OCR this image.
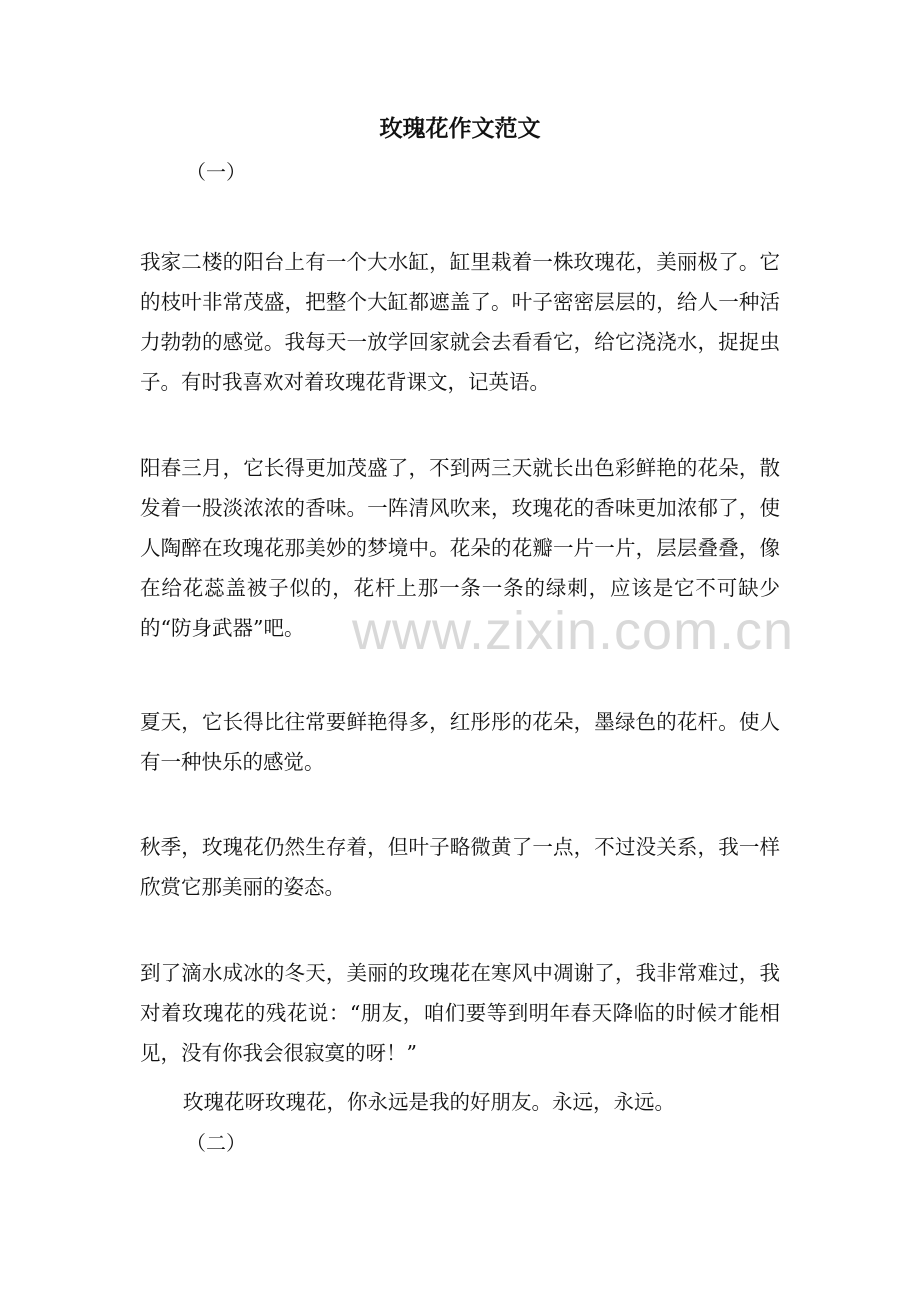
玫瑰花作文范文
（一）
我家二楼的阳台上有一个大水缸，缸里栽着一株玫瑰花，美丽极了。它的枝叶非常茂盛，把整个大缸都遮盖了。叶子密密层层的，给人一种活力勃勃的感觉。我每天一放学回家就会去看看它，给它浇浇水，捉捉虫子。有时我喜欢对着玫瑰花背课文，记英语。
阳春三月，它长得更加茂盛了，不到两三天就长出色彩鲜艳的花朵，散发着一股淡浓浓的香味。一阵清风吹来，玫瑰花的香味更加浓郁了，使人陶醉在玫瑰花那美妙的梦境中。花朵的花瓣一片一片，层层叠叠，像在给花蕊盖被子似的，花杆上那一条一条的绿刺，应该是它不可缺少的“防身武器”吧。
夏天，它长得比往常要鲜艳得多，红彤彤的花朵，墨绿色的花杆。使人有一种快乐的感觉。
秋季，玫瑰花仍然生存着，但叶子略微黄了一点，不过没关系，我一样欣赏它那美丽的姿态。
到了滴水成冰的冬天，美丽的玫瑰花在寒风中凋谢了，我非常难过，我对着玫瑰花的残花说：“朋友，咱们要等到明年春天降临的时候才能相见，没有你我会很寂寞的呀！”
玫瑰花呀玫瑰花，你永远是我的好朋友。永远，永远。
（二）
www.zixin.com.cn
